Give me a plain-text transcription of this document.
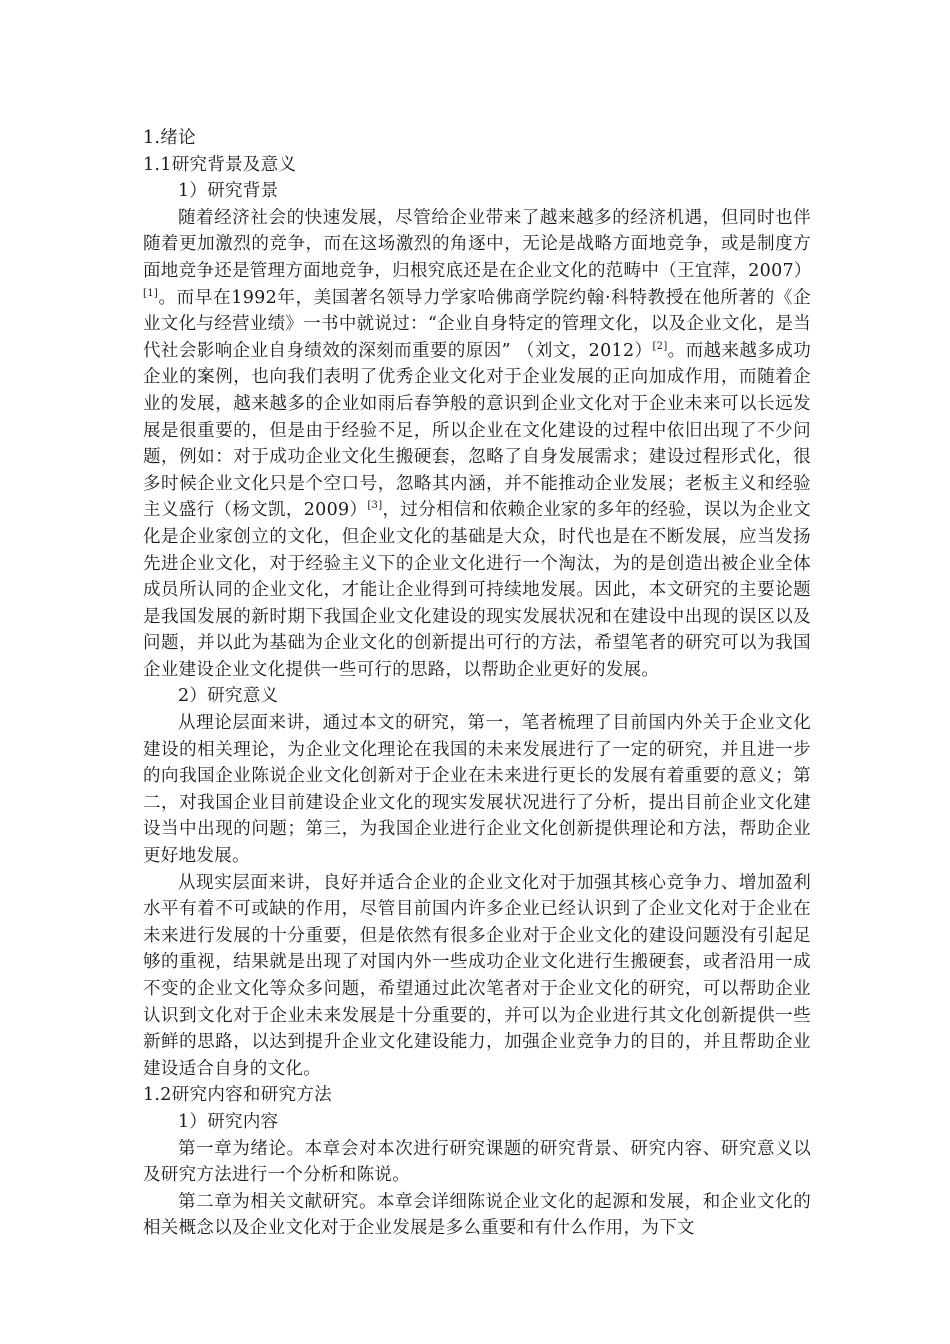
1.绪论

1.1研究背景及意义

1）研究背景

随着经济社会的快速发展，尽管给企业带来了越来越多的经济机遇，但同时也伴随着更加激烈的竞争，而在这场激烈的角逐中，无论是战略方面地竞争，或是制度方面地竞争还是管理方面地竞争，归根究底还是在企业文化的范畴中（王宜萍，2007）[1]。而早在1992年，美国著名领导力学家哈佛商学院约翰·科特教授在他所著的《企业文化与经营业绩》一书中就说过：“企业自身特定的管理文化，以及企业文化，是当代社会影响企业自身绩效的深刻而重要的原因” （刘文，2012）[2]。而越来越多成功企业的案例，也向我们表明了优秀企业文化对于企业发展的正向加成作用，而随着企业的发展，越来越多的企业如雨后春笋般的意识到企业文化对于企业未来可以长远发展是很重要的，但是由于经验不足，所以企业在文化建设的过程中依旧出现了不少问题，例如：对于成功企业文化生搬硬套，忽略了自身发展需求；建设过程形式化，很多时候企业文化只是个空口号，忽略其内涵，并不能推动企业发展；老板主义和经验主义盛行（杨文凯，2009）[3]，过分相信和依赖企业家的多年的经验，误以为企业文化是企业家创立的文化，但企业文化的基础是大众，时代也是在不断发展，应当发扬先进企业文化，对于经验主义下的企业文化进行一个淘汰，为的是创造出被企业全体成员所认同的企业文化，才能让企业得到可持续地发展。因此，本文研究的主要论题是我国发展的新时期下我国企业文化建设的现实发展状况和在建设中出现的误区以及问题，并以此为基础为企业文化的创新提出可行的方法，希望笔者的研究可以为我国企业建设企业文化提供一些可行的思路，以帮助企业更好的发展。

2）研究意义

从理论层面来讲，通过本文的研究，第一，笔者梳理了目前国内外关于企业文化建设的相关理论，为企业文化理论在我国的未来发展进行了一定的研究，并且进一步的向我国企业陈说企业文化创新对于企业在未来进行更长的发展有着重要的意义；第二，对我国企业目前建设企业文化的现实发展状况进行了分析，提出目前企业文化建设当中出现的问题；第三，为我国企业进行企业文化创新提供理论和方法，帮助企业更好地发展。

从现实层面来讲，良好并适合企业的企业文化对于加强其核心竞争力、增加盈利水平有着不可或缺的作用，尽管目前国内许多企业已经认识到了企业文化对于企业在未来进行发展的十分重要，但是依然有很多企业对于企业文化的建设问题没有引起足够的重视，结果就是出现了对国内外一些成功企业文化进行生搬硬套，或者沿用一成不变的企业文化等众多问题，希望通过此次笔者对于企业文化的研究，可以帮助企业认识到文化对于企业未来发展是十分重要的，并可以为企业进行其文化创新提供一些新鲜的思路，以达到提升企业文化建设能力，加强企业竞争力的目的，并且帮助企业建设适合自身的文化。

1.2研究内容和研究方法

1）研究内容

第一章为绪论。本章会对本次进行研究课题的研究背景、研究内容、研究意义以及研究方法进行一个分析和陈说。

第二章为相关文献研究。本章会详细陈说企业文化的起源和发展，和企业文化的相关概念以及企业文化对于企业发展是多么重要和有什么作用，为下文
